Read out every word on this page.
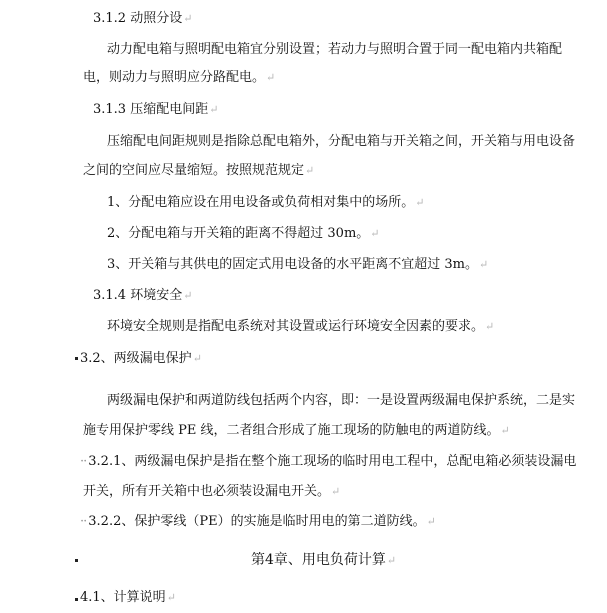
3.1.2 动照分设↵
动力配电箱与照明配电箱宜分别设置；若动力与照明合置于同一配电箱内共箱配
电，则动力与照明应分路配电。↵
3.1.3 压缩配电间距↵
压缩配电间距规则是指除总配电箱外，分配电箱与开关箱之间，开关箱与用电设备
之间的空间应尽量缩短。按照规范规定↵
1、分配电箱应设在用电设备或负荷相对集中的场所。↵
2、分配电箱与开关箱的距离不得超过 30m。↵
3、开关箱与其供电的固定式用电设备的水平距离不宜超过 3m。↵
3.1.4 环境安全↵
环境安全规则是指配电系统对其设置或运行环境安全因素的要求。↵
3.2、两级漏电保护↵
两级漏电保护和两道防线包括两个内容，即：一是设置两级漏电保护系统，二是实
施专用保护零线 PE 线，二者组合形成了施工现场的防触电的两道防线。↵
·· 3.2.1、两级漏电保护是指在整个施工现场的临时用电工程中，总配电箱必须装设漏电
开关，所有开关箱中也必须装设漏电开关。↵
·· 3.2.2、保护零线（PE）的实施是临时用电的第二道防线。↵
第4章、用电负荷计算↵
4.1、计算说明↵
